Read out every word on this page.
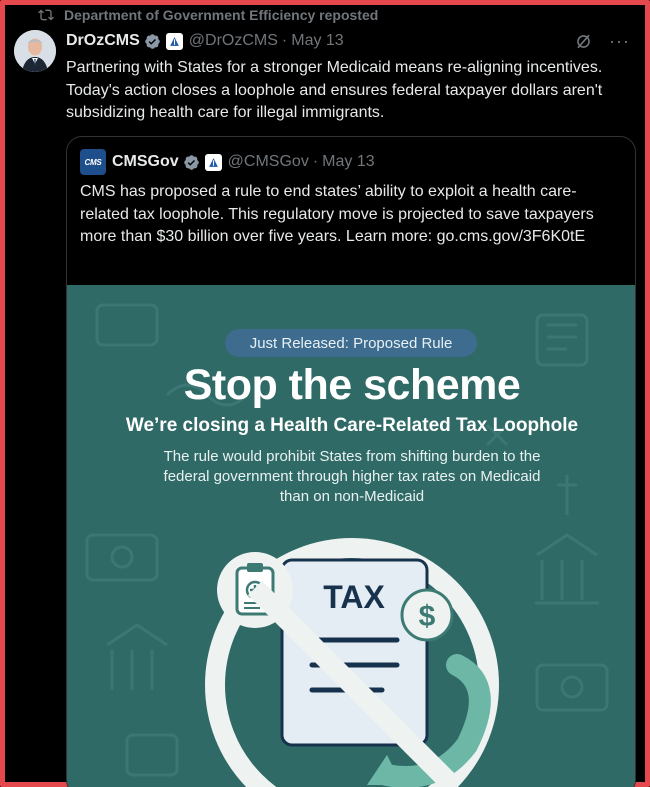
Department of Government Efficiency reposted
DrOzCMS	@DrOzCMS · May 13	···
Partnering with States for a stronger Medicaid means re-aligning incentives. Today's action closes a loophole and ensures federal taxpayer dollars aren't subsidizing health care for illegal immigrants.
CMS CMSGov	@CMSGov · May 13
CMS has proposed a rule to end states’ ability to exploit a health care-related tax loophole. This regulatory move is projected to save taxpayers more than $30 billion over five years. Learn more: go.cms.gov/3F6K0tE
TAX
$
Just Released: Proposed Rule
Stop the scheme
We’re closing a Health Care-Related Tax Loophole
The rule would prohibit States from shifting burden to the federal government through higher tax rates on Medicaid than on non-Medicaid
